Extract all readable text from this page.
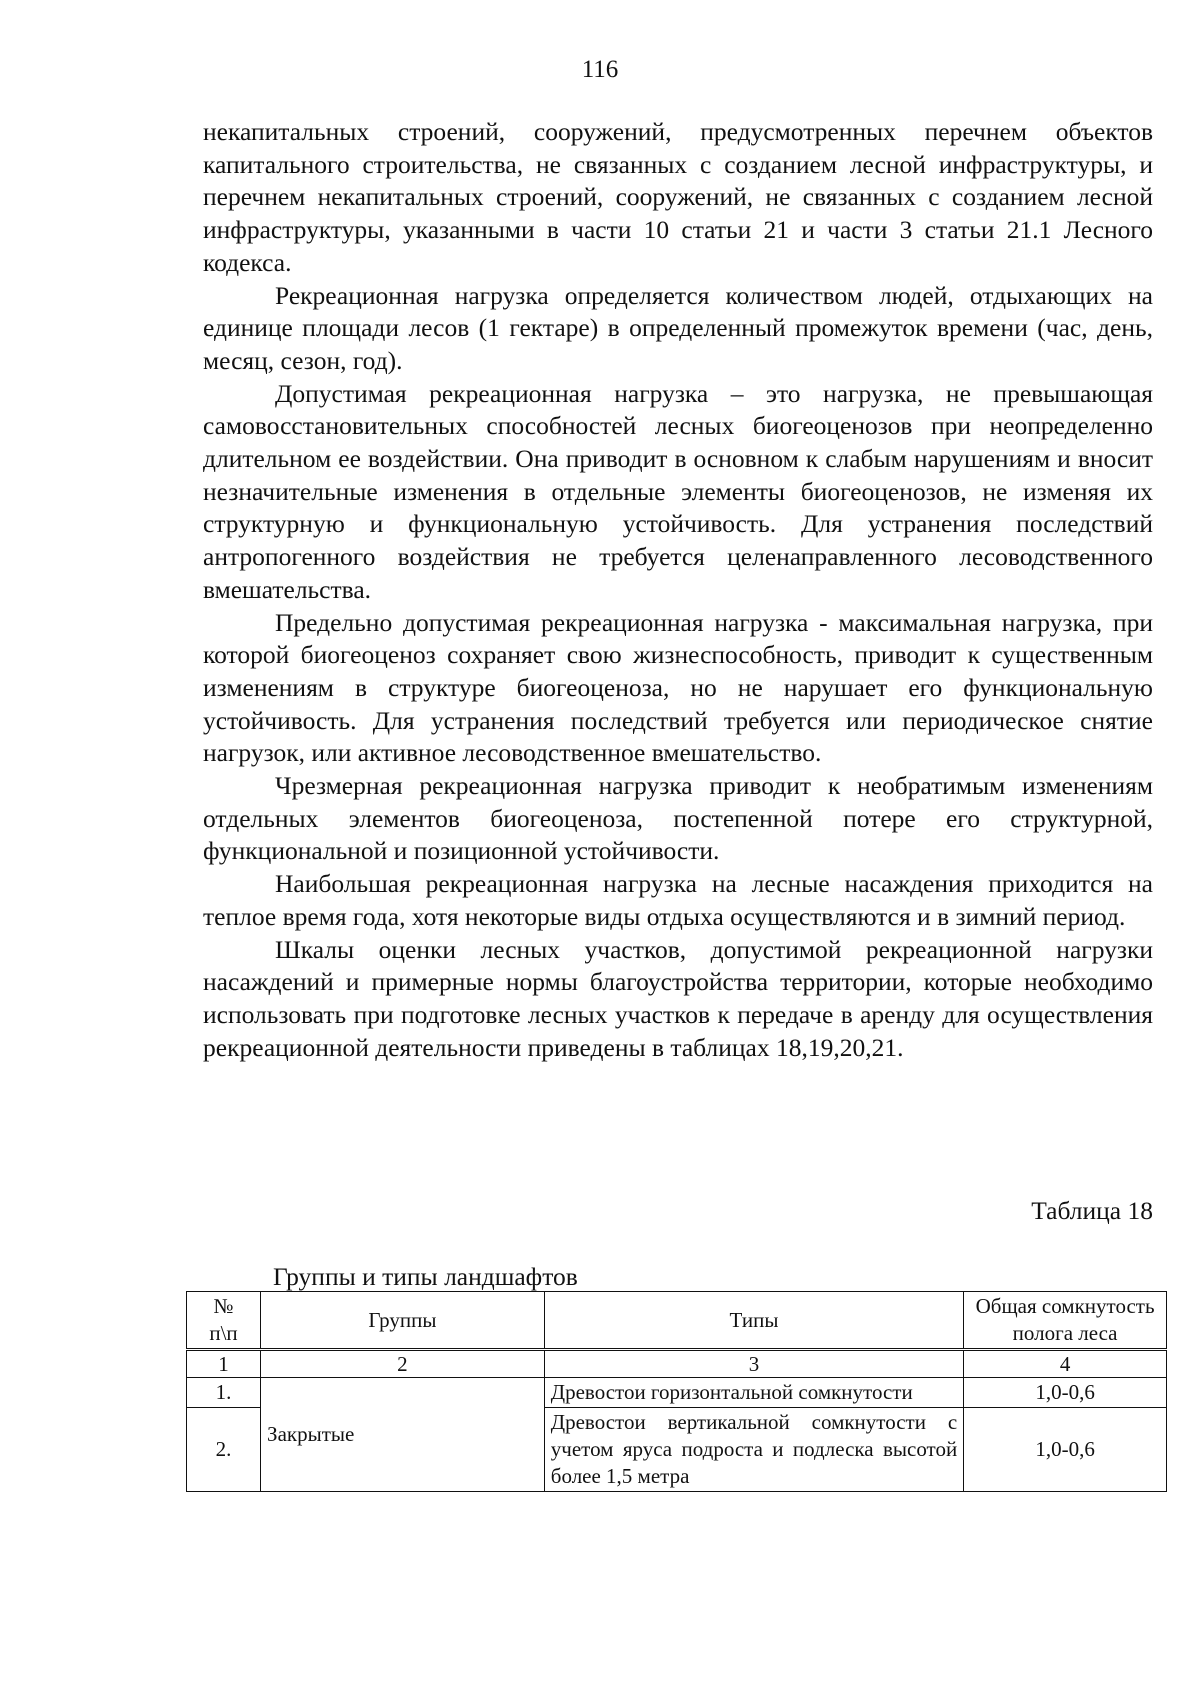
116

некапитальных строений, сооружений, предусмотренных перечнем объектов капитального строительства, не связанных с созданием лесной инфраструктуры, и перечнем некапитальных строений, сооружений, не связанных с созданием лесной инфраструктуры, указанными в части 10 статьи 21 и части 3 статьи 21.1 Лесного кодекса.

Рекреационная нагрузка определяется количеством людей, отдыхающих на единице площади лесов (1 гектаре) в определенный промежуток времени (час, день, месяц, сезон, год).

Допустимая рекреационная нагрузка – это нагрузка, не превышающая самовосстановительных способностей лесных биогеоценозов при неопределенно длительном ее воздействии. Она приводит в основном к слабым нарушениям и вносит незначительные изменения в отдельные элементы биогеоценозов, не изменяя их структурную и функциональную устойчивость. Для устранения последствий антропогенного воздействия не требуется целенаправленного лесоводственного вмешательства.

Предельно допустимая рекреационная нагрузка - максимальная нагрузка, при которой биогеоценоз сохраняет свою жизнеспособность, приводит к существенным изменениям в структуре биогеоценоза, но не нарушает его функциональную устойчивость. Для устранения последствий требуется или периодическое снятие нагрузок, или активное лесоводственное вмешательство.

Чрезмерная рекреационная нагрузка приводит к необратимым изменениям отдельных элементов биогеоценоза, постепенной потере его структурной, функциональной и позиционной устойчивости.

Наибольшая рекреационная нагрузка на лесные насаждения приходится на теплое время года, хотя некоторые виды отдыха осуществляются и в зимний период.

Шкалы оценки лесных участков, допустимой рекреационной нагрузки насаждений и примерные нормы благоустройства территории, которые необходимо использовать при подготовке лесных участков к передаче в аренду для осуществления рекреационной деятельности приведены в таблицах 18,19,20,21.

Таблица 18
Группы и типы ландшафтов
№
п\п	Группы	Типы	Общая сомкнутость полога леса
1	2	3	4
1.	Закрытые	Древостои горизонтальной сомкнутости	1,0-0,6
2.		Древостои вертикальной сомкнутости с учетом яруса подроста и подлеска высотой более 1,5 метра	1,0-0,6
